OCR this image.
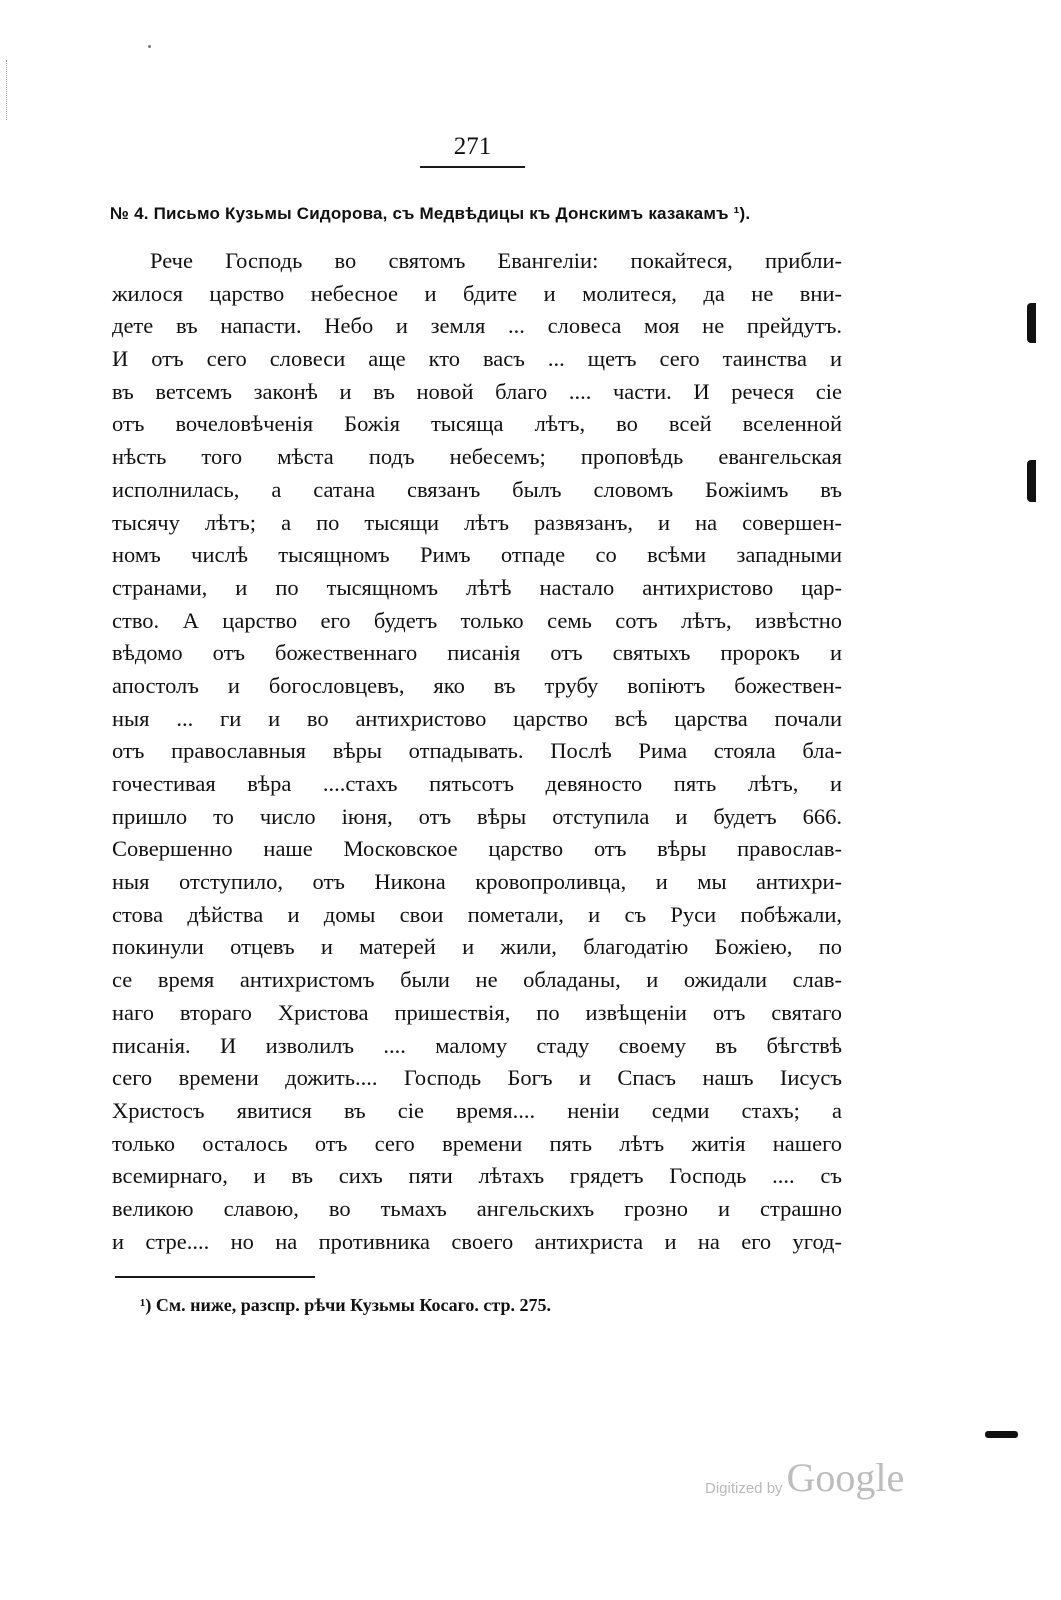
271
№ 4. Письмо Кузьмы Сидорова, съ Медвѣдицы къ Донскимъ казакамъ ¹).
Рече Господь во святомъ Евангеліи: покайтеся, прибли-
жилося царство небесное и бдите и молитеся, да не вни-
дете въ напасти. Небо и земля ... словеса моя не прейдутъ.
И отъ сего словеси аще кто васъ ... щетъ сего таинства и
въ ветсемъ законѣ и въ новой благо .... части. И речеся сіе
отъ вочеловѣченія Божія тысяща лѣтъ, во всей вселенной
нѣсть того мѣста подъ небесемъ; проповѣдь евангельская
исполнилась, а сатана связанъ былъ словомъ Божіимъ въ
тысячу лѣтъ; а по тысящи лѣтъ развязанъ, и на совершен-
номъ числѣ тысящномъ Римъ отпаде со всѣми западными
странами, и по тысящномъ лѣтѣ настало антихристово цар-
ство. А царство его будетъ только семь сотъ лѣтъ, извѣстно
вѣдомо отъ божественнаго писанія отъ святыхъ пророкъ и
апостолъ и богословцевъ, яко въ трубу вопіютъ божествен-
ныя ... ги и во антихристово царство всѣ царства почали
отъ православныя вѣры отпадывать. Послѣ Рима стояла бла-
гочестивая вѣра ....стахъ пятьсотъ девяносто пять лѣтъ, и
пришло то число іюня, отъ вѣры отступила и будетъ 666.
Совершенно наше Московское царство отъ вѣры православ-
ныя отступило, отъ Никона кровопроливца, и мы антихри-
стова дѣйства и домы свои пометали, и съ Руси побѣжали,
покинули отцевъ и матерей и жили, благодатію Божіею, по
се время антихристомъ были не обладаны, и ожидали слав-
наго втораго Христова пришествія, по извѣщеніи отъ святаго
писанія. И изволилъ .... малому стаду своему въ бѣгствѣ
сего времени дожить.... Господь Богъ и Спасъ нашъ Іисусъ
Христосъ явитися въ сіе время.... неніи седми стахъ; а
только осталось отъ сего времени пять лѣтъ житія нашего
всемирнаго, и въ сихъ пяти лѣтахъ грядетъ Господь .... съ
великою славою, во тьмахъ ангельскихъ грозно и страшно
и стре.... но на противника своего антихриста и на его угод-
¹) См. ниже, разспр. рѣчи Кузьмы Косаго. стр. 275.
Digitized by Google
